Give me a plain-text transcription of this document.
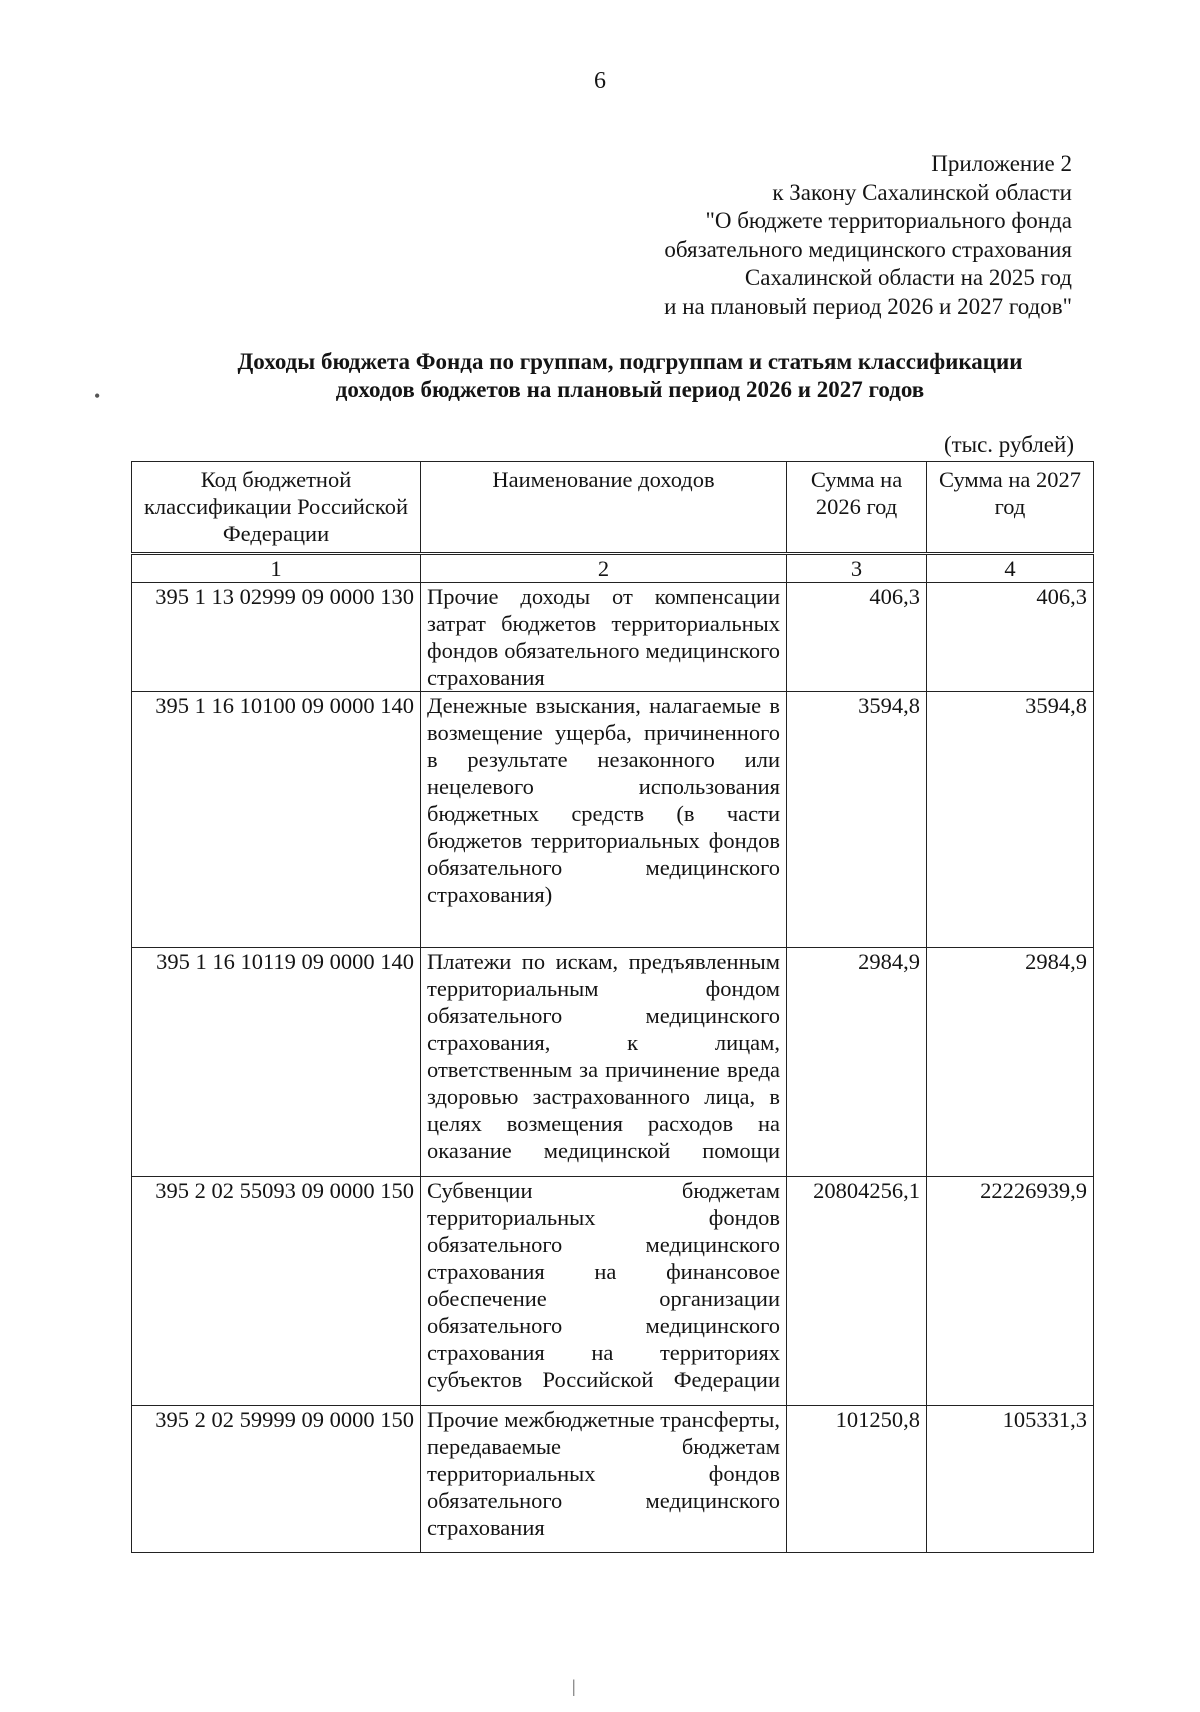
6
Приложение 2
к Закону Сахалинской области
"О бюджете территориального фонда
обязательного медицинского страхования
Сахалинской области на 2025 год
и на плановый период 2026 и 2027 годов"
Доходы бюджета Фонда по группам, подгруппам и статьям классификации
доходов бюджетов на плановый период 2026 и 2027 годов
(тыс. рублей)
Код бюджетной классификации Российской Федерации	Наименование доходов	Сумма на 2026 год	Сумма на 2027 год
1	2	3	4
395 1 13 02999 09 0000 130	Прочие доходы от компенсации затрат бюджетов территориальных фондов обязательного медицинского страхования	406,3	406,3
395 1 16 10100 09 0000 140	Денежные взыскания, налагаемые в возмещение ущерба, причиненного в результате незаконного или нецелевого использования бюджетных средств (в части бюджетов территориальных фондов обязательного медицинского страхования)	3594,8	3594,8
395 1 16 10119 09 0000 140	Платежи по искам, предъявленным территориальным фондом обязательного медицинского страхования, к лицам, ответственным за причинение вреда здоровью застрахованного лица, в целях возмещения расходов на оказание медицинской помощи	2984,9	2984,9
395 2 02 55093 09 0000 150	Субвенции бюджетам территориальных фондов обязательного медицинского страхования на финансовое обеспечение организации обязательного медицинского страхования на территориях субъектов Российской Федерации	20804256,1	22226939,9
395 2 02 59999 09 0000 150	Прочие межбюджетные трансферты, передаваемые бюджетам территориальных фондов обязательного медицинского страхования	101250,8	105331,3
•
|
